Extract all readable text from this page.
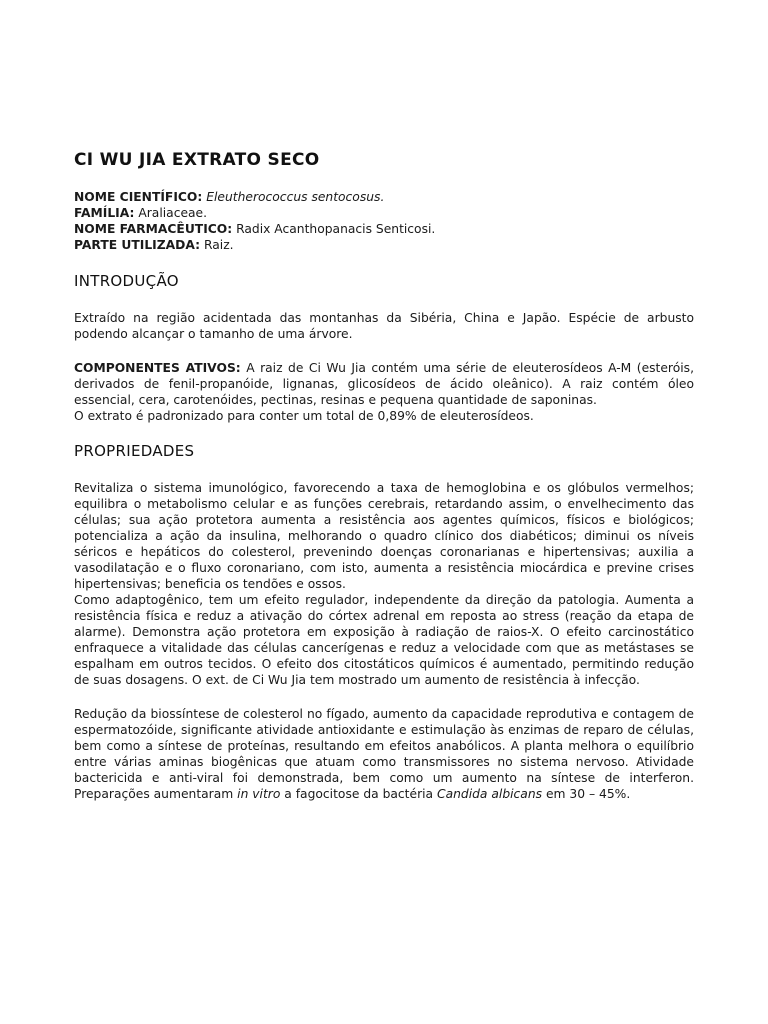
CI WU JIA EXTRATO SECO
NOME CIENTÍFICO: Eleutherococcus sentocosus.
FAMÍLIA: Araliaceae.
NOME FARMACÊUTICO: Radix Acanthopanacis Senticosi.
PARTE UTILIZADA: Raiz.
INTRODUÇÃO

Extraído na região acidentada das montanhas da Sibéria, China e Japão. Espécie de arbusto podendo alcançar o tamanho de uma árvore.

COMPONENTES ATIVOS: A raiz de Ci Wu Jia contém uma série de eleuterosídeos A-M (esteróis, derivados de fenil-propanóide, lignanas, glicosídeos de ácido oleânico). A raiz contém óleo essencial, cera, carotenóides, pectinas, resinas e pequena quantidade de saponinas.

O extrato é padronizado para conter um total de 0,89% de eleuterosídeos.

PROPRIEDADES

Revitaliza o sistema imunológico, favorecendo a taxa de hemoglobina e os glóbulos vermelhos; equilibra o metabolismo celular e as funções cerebrais, retardando assim, o envelhecimento das células; sua ação protetora aumenta a resistência aos agentes químicos, físicos e biológicos; potencializa a ação da insulina, melhorando o quadro clínico dos diabéticos; diminui os níveis séricos e hepáticos do colesterol, prevenindo doenças coronarianas e hipertensivas; auxilia a vasodilatação e o fluxo coronariano, com isto, aumenta a resistência miocárdica e previne crises hipertensivas; beneficia os tendões e ossos.

Como adaptogênico, tem um efeito regulador, independente da direção da patologia. Aumenta a resistência física e reduz a ativação do córtex adrenal em reposta ao stress (reação da etapa de alarme). Demonstra ação protetora em exposição à radiação de raios-X. O efeito carcinostático enfraquece a vitalidade das células cancerígenas e reduz a velocidade com que as metástases se espalham em outros tecidos. O efeito dos citostáticos químicos é aumentado, permitindo redução de suas dosagens. O ext. de Ci Wu Jia tem mostrado um aumento de resistência à infecção.

Redução da biossíntese de colesterol no fígado, aumento da capacidade reprodutiva e contagem de espermatozóide, significante atividade antioxidante e estimulação às enzimas de reparo de células, bem como a síntese de proteínas, resultando em efeitos anabólicos. A planta melhora o equilíbrio entre várias aminas biogênicas que atuam como transmissores no sistema nervoso. Atividade bactericida e anti-viral foi demonstrada, bem como um aumento na síntese de interferon. Preparações aumentaram in vitro a fagocitose da bactéria Candida albicans em 30 – 45%.
